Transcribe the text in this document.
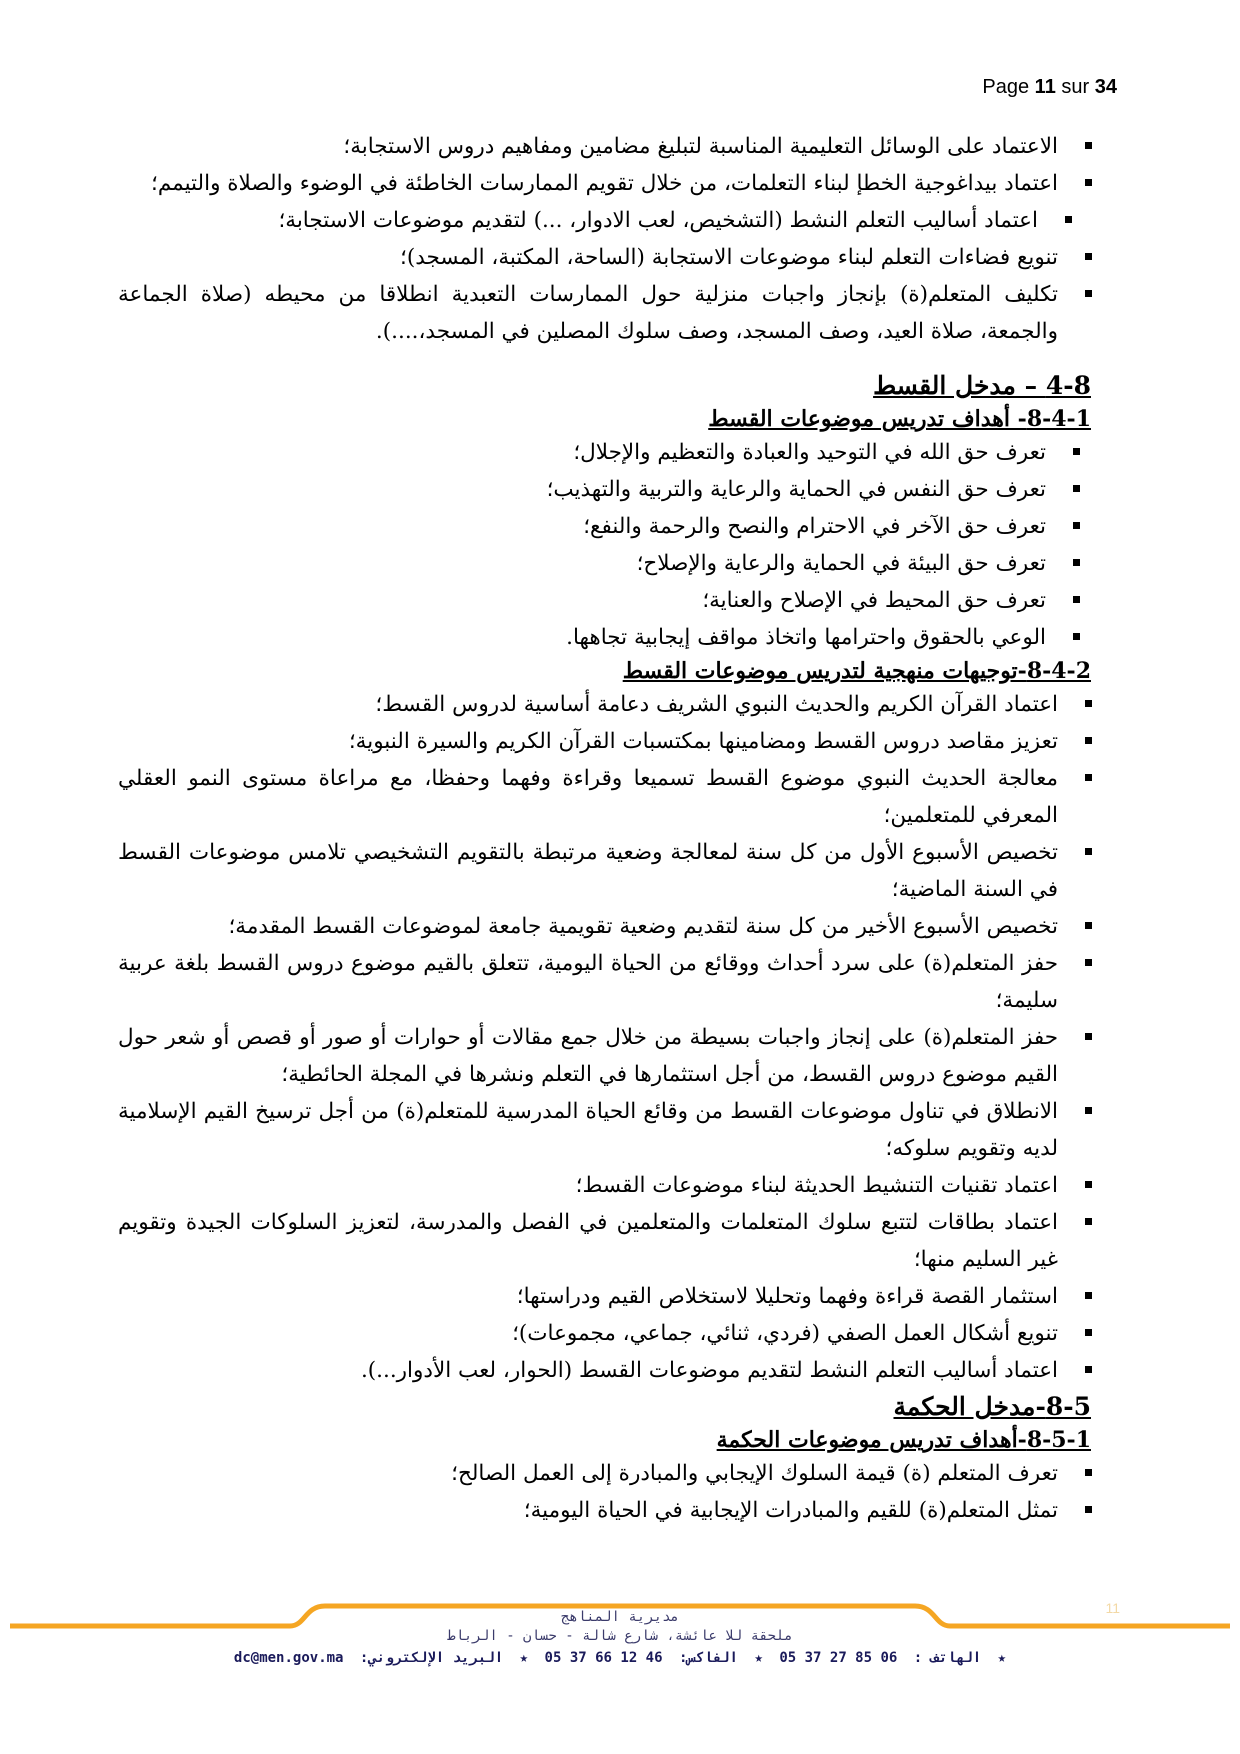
Page 11 sur 34
الاعتماد على الوسائل التعليمية المناسبة لتبليغ مضامين ومفاهيم دروس الاستجابة؛
اعتماد بيداغوجية الخطإ لبناء التعلمات، من خلال تقويم الممارسات الخاطئة في الوضوء والصلاة والتيمم؛
اعتماد أساليب التعلم النشط (التشخيص، لعب الادوار، ...) لتقديم موضوعات الاستجابة؛
تنويع فضاءات التعلم لبناء موضوعات الاستجابة (الساحة، المكتبة، المسجد)؛
تكليف المتعلم(ة) بإنجاز واجبات منزلية حول الممارسات التعبدية انطلاقا من محيطه (صلاة الجماعة والجمعة، صلاة العيد، وصف المسجد، وصف سلوك المصلين في المسجد،....).
4-8 – مدخل القسط
8-4-1- أهداف تدريس موضوعات القسط
تعرف حق الله في التوحيد والعبادة والتعظيم والإجلال؛
تعرف حق النفس في الحماية والرعاية والتربية والتهذيب؛
تعرف حق الآخر في الاحترام والنصح والرحمة والنفع؛
تعرف حق البيئة في الحماية والرعاية والإصلاح؛
تعرف حق المحيط في الإصلاح والعناية؛
الوعي بالحقوق واحترامها واتخاذ مواقف إيجابية تجاهها.
8-4-2-توجيهات منهجية لتدريس موضوعات القسط
اعتماد القرآن الكريم والحديث النبوي الشريف دعامة أساسية لدروس القسط؛
تعزيز مقاصد دروس القسط ومضامينها بمكتسبات القرآن الكريم والسيرة النبوية؛
معالجة الحديث النبوي موضوع القسط تسميعا وقراءة وفهما وحفظا، مع مراعاة مستوى النمو العقلي المعرفي للمتعلمين؛
تخصيص الأسبوع الأول من كل سنة لمعالجة وضعية مرتبطة بالتقويم التشخيصي تلامس موضوعات القسط في السنة الماضية؛
تخصيص الأسبوع الأخير من كل سنة لتقديم وضعية تقويمية جامعة لموضوعات القسط المقدمة؛
حفز المتعلم(ة) على سرد أحداث ووقائع من الحياة اليومية، تتعلق بالقيم موضوع دروس القسط بلغة عربية سليمة؛
حفز المتعلم(ة) على إنجاز واجبات بسيطة من خلال جمع مقالات أو حوارات أو صور أو قصص أو شعر حول القيم موضوع دروس القسط، من أجل استثمارها في التعلم ونشرها في المجلة الحائطية؛
الانطلاق في تناول موضوعات القسط من وقائع الحياة المدرسية للمتعلم(ة) من أجل ترسيخ القيم الإسلامية لديه وتقويم سلوكه؛
اعتماد تقنيات التنشيط الحديثة لبناء موضوعات القسط؛
اعتماد بطاقات لتتبع سلوك المتعلمات والمتعلمين في الفصل والمدرسة، لتعزيز السلوكات الجيدة وتقويم غير السليم منها؛
استثمار القصة قراءة وفهما وتحليلا لاستخلاص القيم ودراستها؛
تنويع أشكال العمل الصفي (فردي، ثنائي، جماعي، مجموعات)؛
اعتماد أساليب التعلم النشط لتقديم موضوعات القسط (الحوار، لعب الأدوار...).
8-5-مدخل الحكمة
8-5-1-أهداف تدريس موضوعات الحكمة
تعرف المتعلم (ة) قيمة السلوك الإيجابي والمبادرة إلى العمل الصالح؛
تمثل المتعلم(ة) للقيم والمبادرات الإيجابية في الحياة اليومية؛
11
مديرية المناهج
ملحقة للا عائشة، شارع شالة - حسان - الرباط
★ الهاتف : 05 37 27 85 06 ★ الفاكس: 05 37 66 12 46 ★ البريد الإلكتروني: dc@men.gov.ma
